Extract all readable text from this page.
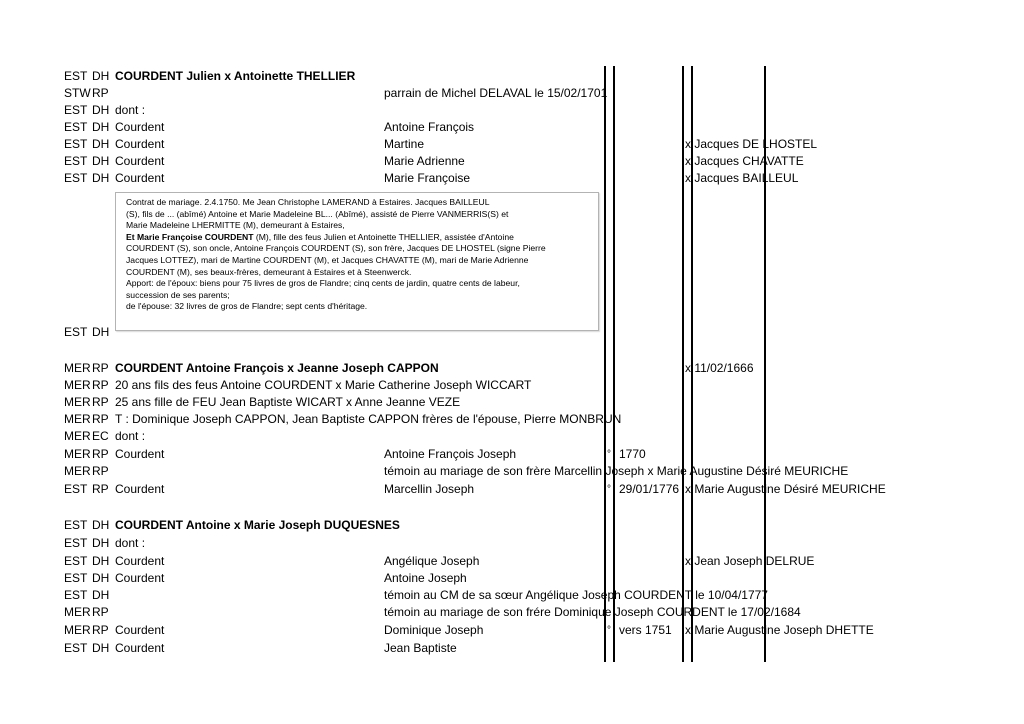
EST DH COURDENT Julien x Antoinette THELLIER
STW RP	parrain de Michel DELAVAL le 15/02/1701
EST DH dont :
EST DH Courdent	Antoine François
EST DH Courdent	Martine	x Jacques DE LHOSTEL
EST DH Courdent	Marie Adrienne	x Jacques CHAVATTE
EST DH Courdent	Marie Françoise	x Jacques BAILLEUL
EST DH
MER RP COURDENT Antoine François x Jeanne Joseph CAPPON	x 11/02/1666
MER RP 20 ans fils des feus Antoine COURDENT x Marie Catherine Joseph WICCART
MER RP 25 ans fille de FEU Jean Baptiste WICART x Anne Jeanne VEZE
MER RP T : Dominique Joseph CAPPON, Jean Baptiste CAPPON frères de l'épouse, Pierre MONBRUN
MER EC dont :
MER RP Courdent	Antoine François Joseph	° 1770
MER RP	témoin au mariage de son frère Marcellin Joseph x Marie Augustine Désiré MEURICHE
EST RP Courdent	Marcellin Joseph	° 29/01/1776 x Marie Augustine Désiré MEURICHE
EST DH COURDENT Antoine x Marie Joseph DUQUESNES
EST DH dont :
EST DH Courdent	Angélique Joseph	x Jean Joseph DELRUE
EST DH Courdent	Antoine Joseph
EST DH	témoin au CM de sa sœur Angélique Joseph COURDENT le 10/04/1777
MER RP	témoin au mariage de son frére Dominique Joseph COURDENT le 17/02/1684
MER RP Courdent	Dominique Joseph	° vers 1751 x Marie Augustine Joseph DHETTE
EST DH Courdent	Jean Baptiste
Contrat de mariage. 2.4.1750. Me Jean Christophe LAMERAND à Estaires. Jacques BAILLEUL
(S), fils de ... (abîmé) Antoine et Marie Madeleine BL... (Abîmé), assisté de Pierre VANMERRIS(S) et
Marie Madeleine LHERMITTE (M), demeurant à Estaires,
Et Marie Françoise COURDENT (M), fille des feus Julien et Antoinette THELLIER, assistée d'Antoine
COURDENT (S), son oncle, Antoine François COURDENT (S), son frère, Jacques DE LHOSTEL (signe Pierre
Jacques LOTTEZ), mari de Martine COURDENT (M), et Jacques CHAVATTE (M), mari de Marie Adrienne
COURDENT (M), ses beaux-frères, demeurant à Estaires et à Steenwerck.
Apport: de l'époux: biens pour 75 livres de gros de Flandre; cinq cents de jardin, quatre cents de labeur,
succession de ses parents;
de l'épouse: 32 livres de gros de Flandre; sept cents d'héritage.
